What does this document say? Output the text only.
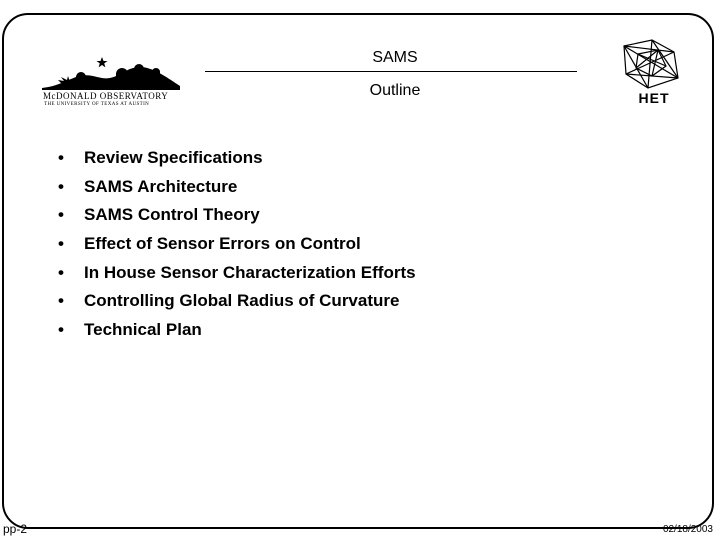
McDONALD OBSERVATORY
THE UNIVERSITY OF TEXAS AT AUSTIN
SAMS
Outline	HET
• Review Specifications
• SAMS Architecture
• SAMS Control Theory
• Effect of Sensor Errors on Control
• In House Sensor Characterization Efforts
• Controlling Global Radius of Curvature
• Technical Plan
pp-2	02/18/2003
